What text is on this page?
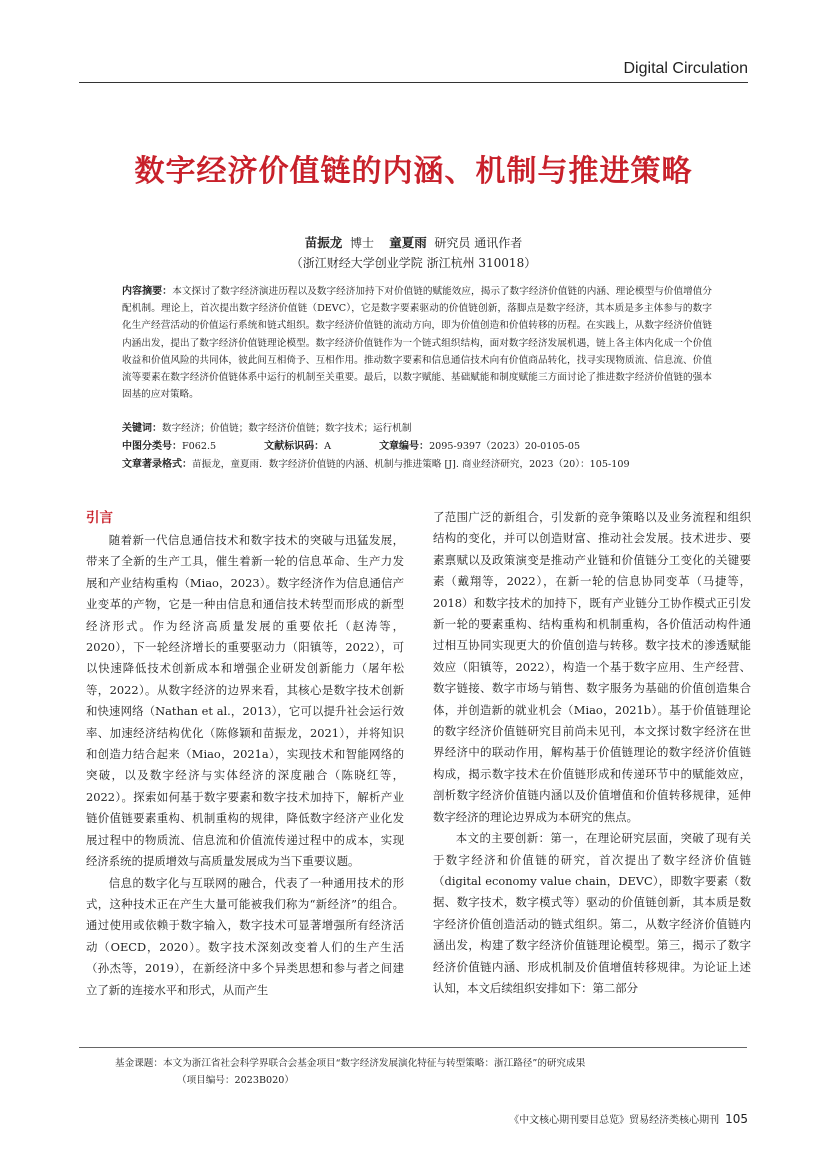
Digital Circulation
数字经济价值链的内涵、机制与推进策略
苗振龙 博士 童夏雨 研究员 通讯作者
（浙江财经大学创业学院 浙江杭州 310018）
内容摘要：本文探讨了数字经济演进历程以及数字经济加持下对价值链的赋能效应，揭示了数字经济价值链的内涵、理论模型与价值增值分配机制。理论上，首次提出数字经济价值链（DEVC），它是数字要素驱动的价值链创新，落脚点是数字经济，其本质是多主体参与的数字化生产经营活动的价值运行系统和链式组织。数字经济价值链的流动方向，即为价值创造和价值转移的历程。在实践上，从数字经济价值链内涵出发，提出了数字经济价值链理论模型。数字经济价值链作为一个链式组织结构，面对数字经济发展机遇，链上各主体内化成一个价值收益和价值风险的共同体，彼此间互相倚予、互相作用。推动数字要素和信息通信技术向有价值商品转化，找寻实现物质流、信息流、价值流等要素在数字经济价值链体系中运行的机制至关重要。最后，以数字赋能、基础赋能和制度赋能三方面讨论了推进数字经济价值链的强本固基的应对策略。
关键词：数字经济；价值链；数字经济价值链；数字技术；运行机制
中图分类号：F062.5	文献标识码：A	文章编号：2095-9397（2023）20-0105-05
文章著录格式：苗振龙，童夏雨．数字经济价值链的内涵、机制与推进策略 [J]. 商业经济研究，2023（20）：105-109
引言

随着新一代信息通信技术和数字技术的突破与迅猛发展，带来了全新的生产工具，催生着新一轮的信息革命、生产力发展和产业结构重构（Miao，2023）。数字经济作为信息通信产业变革的产物，它是一种由信息和通信技术转型而形成的新型经济形式。作为经济高质量发展的重要依托（赵涛等，2020），下一轮经济增长的重要驱动力（阳镇等，2022），可以快速降低技术创新成本和增强企业研发创新能力（屠年松等，2022）。从数字经济的边界来看，其核心是数字技术创新和快速网络（Nathan et al.，2013），它可以提升社会运行效率、加速经济结构优化（陈修颖和苗振龙，2021），并将知识和创造力结合起来（Miao，2021a），实现技术和智能网络的突破，以及数字经济与实体经济的深度融合（陈晓红等，2022）。探索如何基于数字要素和数字技术加持下，解析产业链价值链要素重构、机制重构的规律，降低数字经济产业化发展过程中的物质流、信息流和价值流传递过程中的成本，实现经济系统的提质增效与高质量发展成为当下重要议题。

信息的数字化与互联网的融合，代表了一种通用技术的形式，这种技术正在产生大量可能被我们称为“新经济”的组合。通过使用或依赖于数字输入，数字技术可显著增强所有经济活动（OECD，2020）。数字技术深刻改变着人们的生产生活（孙杰等，2019），在新经济中多个异类思想和参与者之间建立了新的连接水平和形式，从而产生

了范围广泛的新组合，引发新的竞争策略以及业务流程和组织结构的变化，并可以创造财富、推动社会发展。技术进步、要素禀赋以及政策演变是推动产业链和价值链分工变化的关键要素（戴翔等，2022），在新一轮的信息协同变革（马捷等，2018）和数字技术的加持下，既有产业链分工协作模式正引发新一轮的要素重构、结构重构和机制重构，各价值活动构件通过相互协同实现更大的价值创造与转移。数字技术的渗透赋能效应（阳镇等，2022），构造一个基于数字应用、生产经营、数字链接、数字市场与销售、数字服务为基础的价值创造集合体，并创造新的就业机会（Miao，2021b）。基于价值链理论的数字经济价值链研究目前尚未见刊，本文探讨数字经济在世界经济中的联动作用，解构基于价值链理论的数字经济价值链构成，揭示数字技术在价值链形成和传递环节中的赋能效应，剖析数字经济价值链内涵以及价值增值和价值转移规律，延伸数字经济的理论边界成为本研究的焦点。

本文的主要创新：第一，在理论研究层面，突破了现有关于数字经济和价值链的研究，首次提出了数字经济价值链（digital economy value chain，DEVC），即数字要素（数据、数字技术，数字模式等）驱动的价值链创新，其本质是数字经济价值创造活动的链式组织。第二，从数字经济价值链内涵出发，构建了数字经济价值链理论模型。第三，揭示了数字经济价值链内涵、形成机制及价值增值转移规律。为论证上述认知，本文后续组织安排如下：第二部分

基金课题：本文为浙江省社会科学界联合会基金项目“数字经济发展演化特征与转型策略：浙江路径”的研究成果
（项目编号：2023B020）
《中文核心期刊要目总览》贸易经济类核心期刊 105
